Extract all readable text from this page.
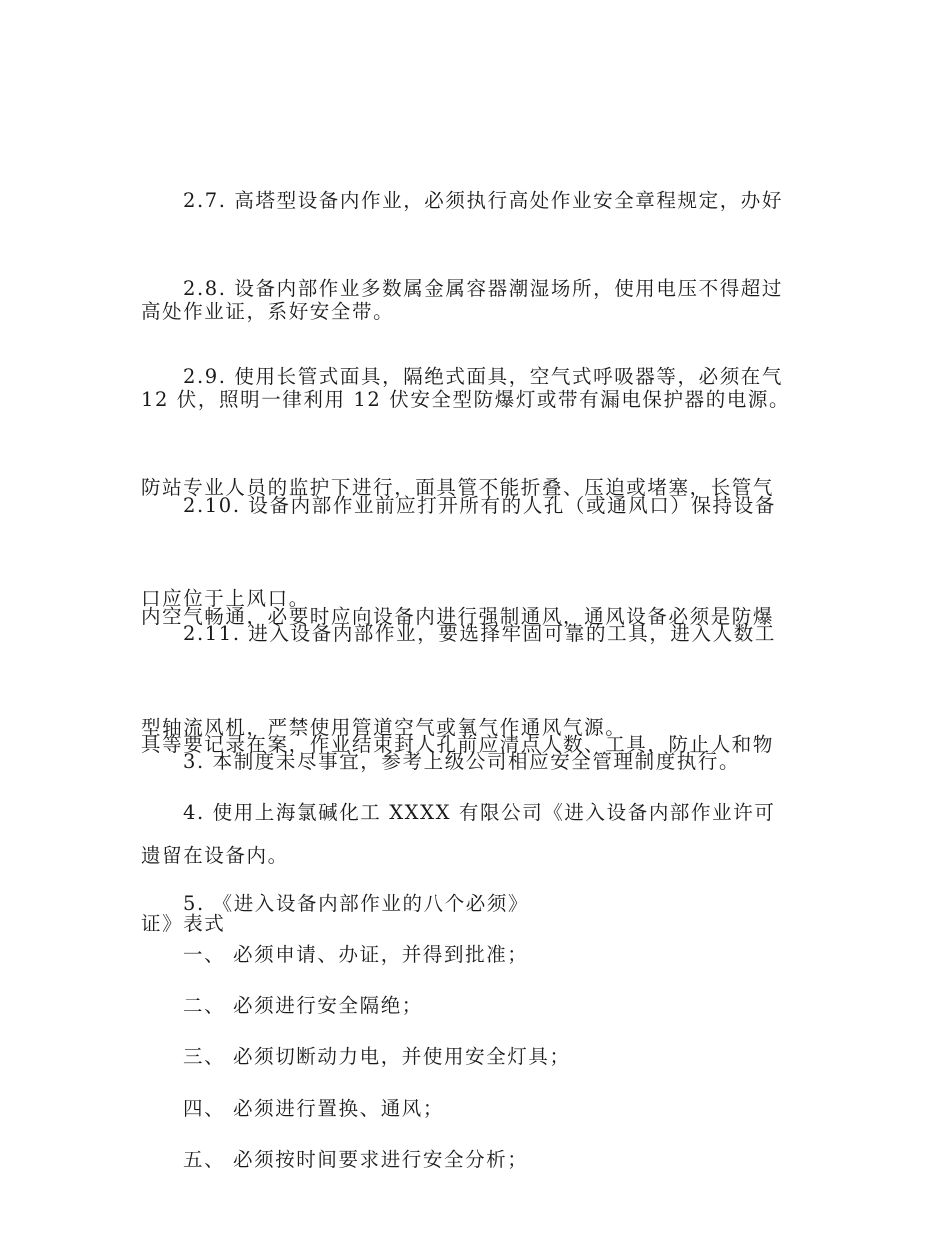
2.7. 高塔型设备内作业，必须执行高处作业安全章程规定，办好

高处作业证，系好安全带。

2.8. 设备内部作业多数属金属容器潮湿场所，使用电压不得超过

12 伏，照明一律利用 12 伏安全型防爆灯或带有漏电保护器的电源。

2.9. 使用长管式面具，隔绝式面具，空气式呼吸器等，必须在气

防站专业人员的监护下进行，面具管不能折叠、压迫或堵塞，长管气

口应位于上风口。

2.10. 设备内部作业前应打开所有的人孔（或通风口）保持设备

内空气畅通，必要时应向设备内进行强制通风，通风设备必须是防爆

型轴流风机，严禁使用管道空气或氧气作通风气源。

2.11. 进入设备内部作业，要选择牢固可靠的工具，进入人数工

具等要记录在案，作业结束封人孔前应清点人数、工具，防止人和物

遗留在设备内。

3. 本制度未尽事宜，参考上级公司相应安全管理制度执行。

4. 使用上海氯碱化工 XXXX 有限公司《进入设备内部作业许可

证》表式

5. 《进入设备内部作业的八个必须》

一、 必须申请、办证，并得到批准；

二、 必须进行安全隔绝；

三、 必须切断动力电，并使用安全灯具；

四、 必须进行置换、通风；

五、 必须按时间要求进行安全分析；
